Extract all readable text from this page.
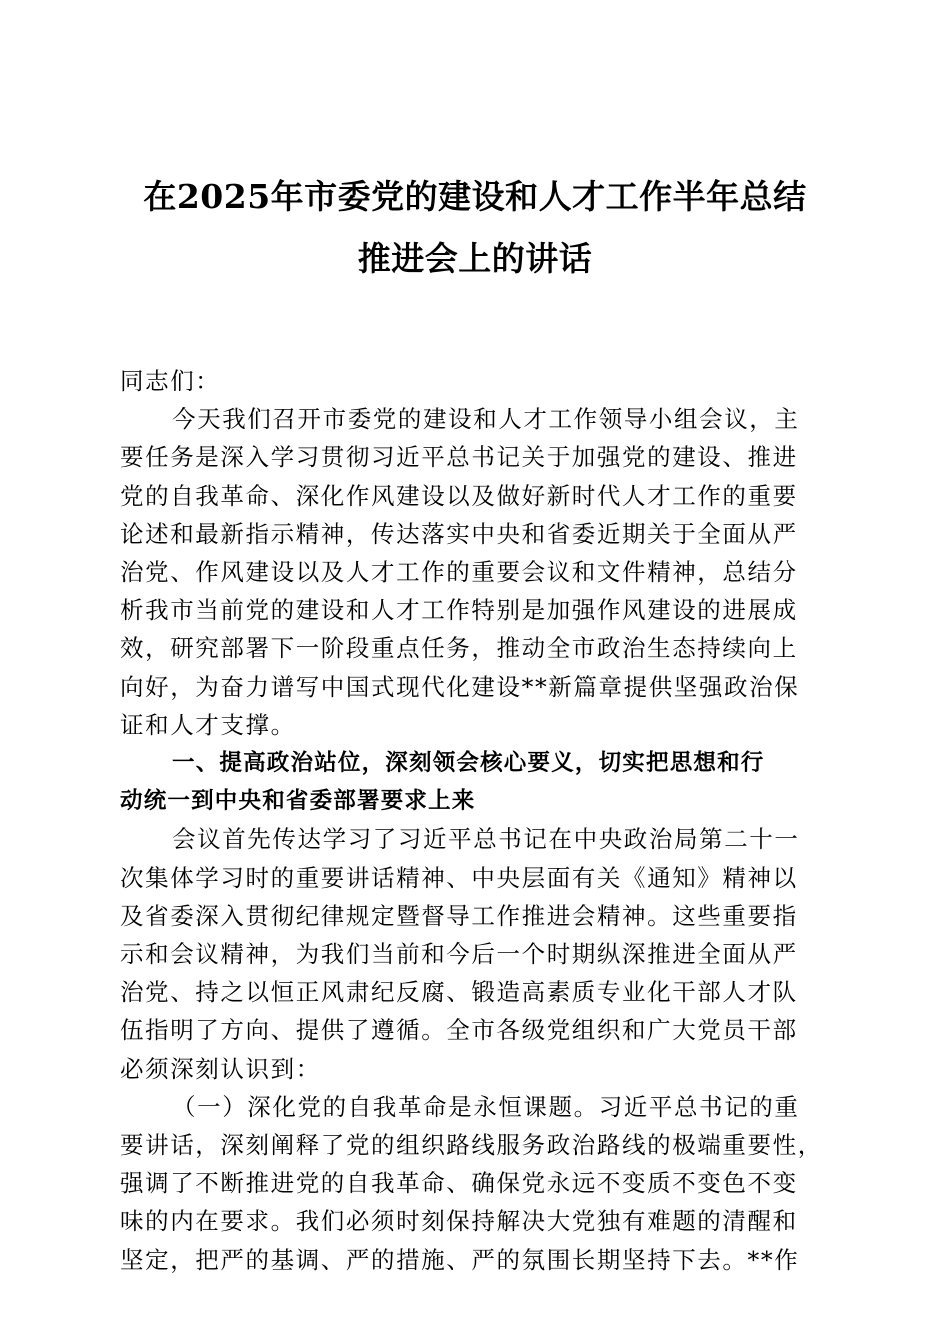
在2025年市委党的建设和人才工作半年总结
推进会上的讲话
同志们：
今天我们召开市委党的建设和人才工作领导小组会议，主
要任务是深入学习贯彻习近平总书记关于加强党的建设、推进
党的自我革命、深化作风建设以及做好新时代人才工作的重要
论述和最新指示精神，传达落实中央和省委近期关于全面从严
治党、作风建设以及人才工作的重要会议和文件精神，总结分
析我市当前党的建设和人才工作特别是加强作风建设的进展成
效，研究部署下一阶段重点任务，推动全市政治生态持续向上
向好，为奋力谱写中国式现代化建设**新篇章提供坚强政治保
证和人才支撑。
一、提高政治站位，深刻领会核心要义，切实把思想和行
动统一到中央和省委部署要求上来
会议首先传达学习了习近平总书记在中央政治局第二十一
次集体学习时的重要讲话精神、中央层面有关《通知》精神以
及省委深入贯彻纪律规定暨督导工作推进会精神。这些重要指
示和会议精神，为我们当前和今后一个时期纵深推进全面从严
治党、持之以恒正风肃纪反腐、锻造高素质专业化干部人才队
伍指明了方向、提供了遵循。全市各级党组织和广大党员干部
必须深刻认识到：
（一）深化党的自我革命是永恒课题。习近平总书记的重
要讲话，深刻阐释了党的组织路线服务政治路线的极端重要性，
强调了不断推进党的自我革命、确保党永远不变质不变色不变
味的内在要求。我们必须时刻保持解决大党独有难题的清醒和
坚定，把严的基调、严的措施、严的氛围长期坚持下去。**作
